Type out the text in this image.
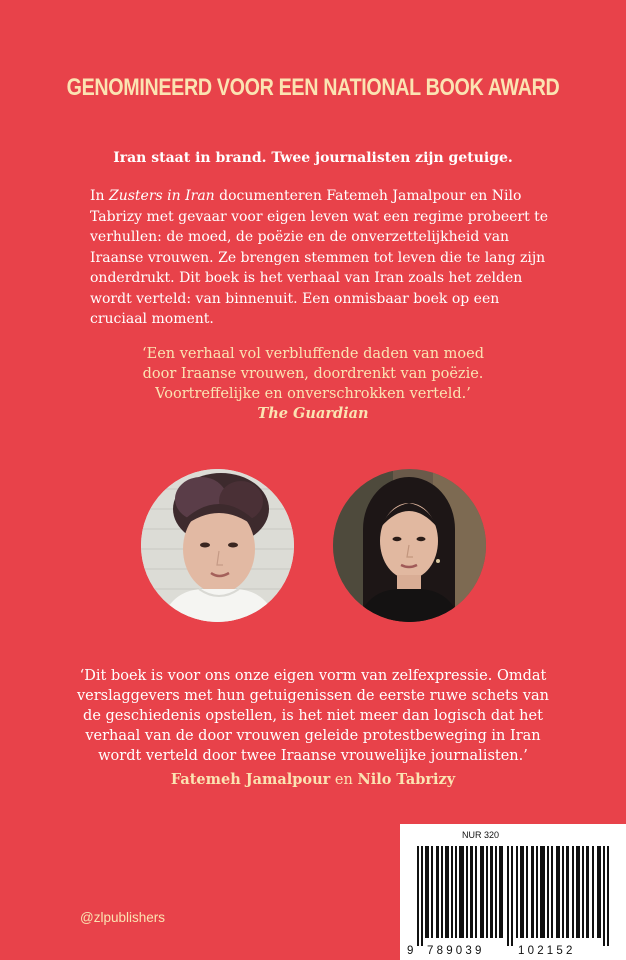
GENOMINEERD VOOR EEN NATIONAL BOOK AWARD
Iran staat in brand. Twee journalisten zijn getuige.
In Zusters in Iran documenteren Fatemeh Jamalpour en Nilo Tabrizy met gevaar voor eigen leven wat een regime probeert te verhullen: de moed, de poëzie en de onverzettelijkheid van Iraanse vrouwen. Ze brengen stemmen tot leven die te lang zijn onderdrukt. Dit boek is het verhaal van Iran zoals het zelden wordt verteld: van binnenuit. Een onmisbaar boek op een cruciaal moment.
‘Een verhaal vol verbluffende daden van moed
door Iraanse vrouwen, doordrenkt van poëzie.
Voortreffelijke en onverschrokken verteld.’
The Guardian
‘Dit boek is voor ons onze eigen vorm van zelfexpressie. Omdat
verslaggevers met hun getuigenissen de eerste ruwe schets van
de geschiedenis opstellen, is het niet meer dan logisch dat het
verhaal van de door vrouwen geleide protestbeweging in Iran
wordt verteld door twee Iraanse vrouwelijke journalisten.’
Fatemeh Jamalpour en Nilo Tabrizy
@zlpublishers
NUR 320
9 789039	102152
